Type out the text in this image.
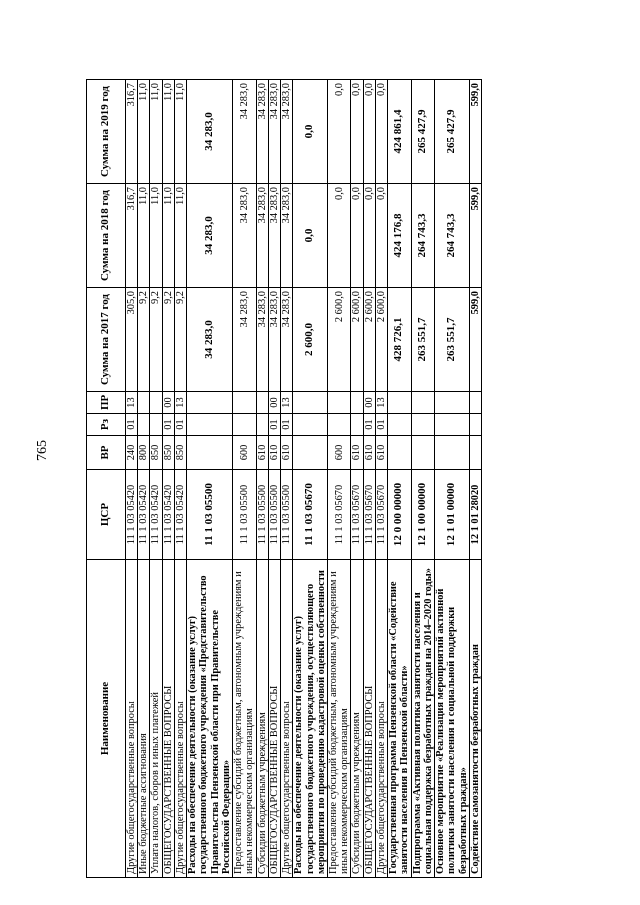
765
Наименование	ЦСР	ВР	Рз	ПР	Сумма на 2017 год	Сумма на 2018 год	Сумма на 2019 год
Другие общегосударственные вопросы	11 1 03 05420	240	01	13	305,0	316,7	316,7
Иные бюджетные ассигнования	11 1 03 05420	800			9,2	11,0	11,0
Уплата налогов, сборов и иных платежей	11 1 03 05420	850			9,2	11,0	11,0
ОБЩЕГОСУДАРСТВЕННЫЕ ВОПРОСЫ	11 1 03 05420	850	01	00	9,2	11,0	11,0
Другие общегосударственные вопросы	11 1 03 05420	850	01	13	9,2	11,0	11,0
Расходы на обеспечение деятельности (оказание услуг) государственного бюджетного учреждения «Представительство Правительства Пензенской области при Правительстве Российской Федерации»	11 1 03 05500				34 283,0	34 283,0	34 283,0
Предоставление субсидий бюджетным, автономным учреждениям и иным некоммерческим организациям	11 1 03 05500	600			34 283,0	34 283,0	34 283,0
Субсидии бюджетным учреждениям	11 1 03 05500	610			34 283,0	34 283,0	34 283,0
ОБЩЕГОСУДАРСТВЕННЫЕ ВОПРОСЫ	11 1 03 05500	610	01	00	34 283,0	34 283,0	34 283,0
Другие общегосударственные вопросы	11 1 03 05500	610	01	13	34 283,0	34 283,0	34 283,0
Расходы на обеспечение деятельности (оказание услуг) государственного бюджетного учреждения, осуществляющего мероприятия по проведению кадастровой оценки собственности	11 1 03 05670				2 600,0	0,0	0,0
Предоставление субсидий бюджетным, автономным учреждениям и иным некоммерческим организациям	11 1 03 05670	600			2 600,0	0,0	0,0
Субсидии бюджетным учреждениям	11 1 03 05670	610			2 600,0	0,0	0,0
ОБЩЕГОСУДАРСТВЕННЫЕ ВОПРОСЫ	11 1 03 05670	610	01	00	2 600,0	0,0	0,0
Другие общегосударственные вопросы	11 1 03 05670	610	01	13	2 600,0	0,0	0,0
Государственная программа Пензенской области «Содействие занятости населения в Пензенской области»	12 0 00 00000				428 726,1	424 176,8	424 861,4
Подпрограмма «Активная политика занятости населения и социальная поддержка безработных граждан на 2014–2020 годы»	12 1 00 00000				263 551,7	264 743,3	265 427,9
Основное мероприятие «Реализация мероприятий активной политики занятости населения и социальной поддержки безработных граждан»	12 1 01 00000				263 551,7	264 743,3	265 427,9
Содействие самозанятости безработных граждан	12 1 01 28020				599,0	599,0	599,0
